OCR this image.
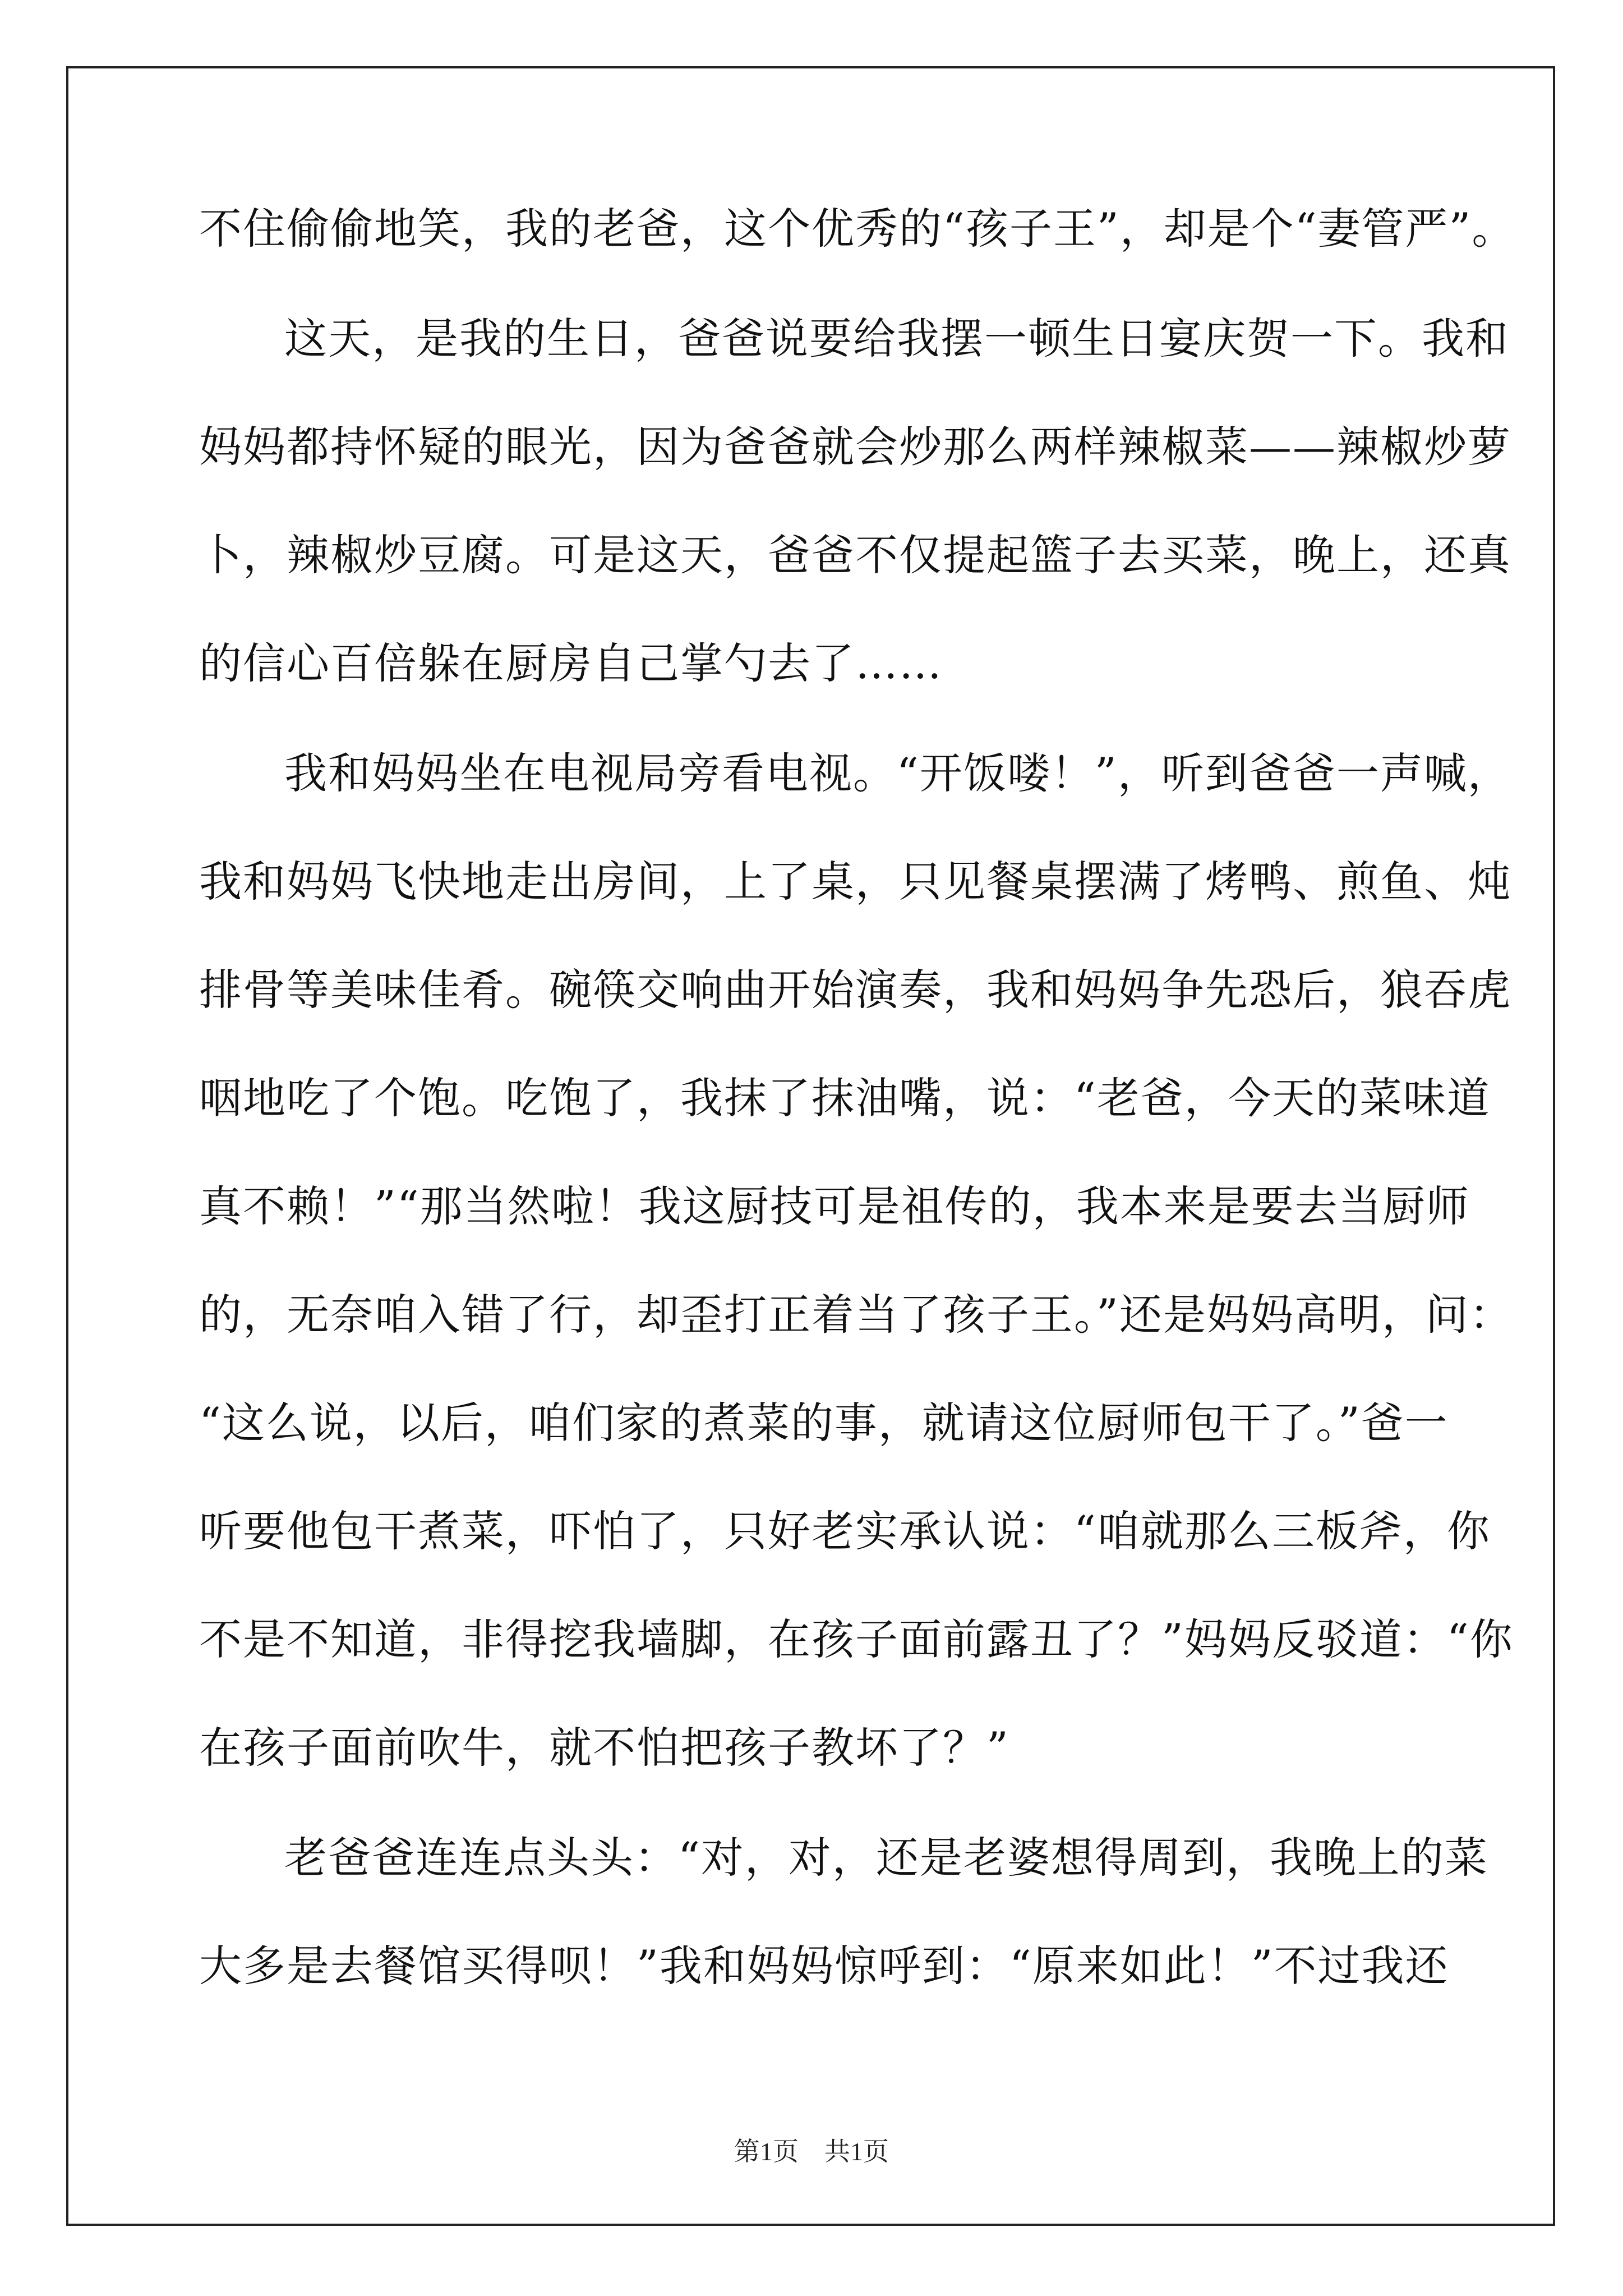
不住偷偷地笑，我的老爸，这个优秀的“孩子王”，却是个“妻管严”。

这天，是我的生日，爸爸说要给我摆一顿生日宴庆贺一下。我和

妈妈都持怀疑的眼光，因为爸爸就会炒那么两样辣椒菜——辣椒炒萝

卜，辣椒炒豆腐。可是这天，爸爸不仅提起篮子去买菜，晚上，还真

的信心百倍躲在厨房自己掌勺去了……

我和妈妈坐在电视局旁看电视。“开饭喽！”，听到爸爸一声喊，

我和妈妈飞快地走出房间，上了桌，只见餐桌摆满了烤鸭、煎鱼、炖

排骨等美味佳肴。碗筷交响曲开始演奏，我和妈妈争先恐后，狼吞虎

咽地吃了个饱。吃饱了，我抹了抹油嘴，说：“老爸，今天的菜味道

真不赖！”“那当然啦！我这厨技可是祖传的，我本来是要去当厨师

的，无奈咱入错了行，却歪打正着当了孩子王。”还是妈妈高明，问：

“这么说，以后，咱们家的煮菜的事，就请这位厨师包干了。”爸一

听要他包干煮菜，吓怕了，只好老实承认说：“咱就那么三板斧，你

不是不知道，非得挖我墙脚，在孩子面前露丑了？”妈妈反驳道：“你

在孩子面前吹牛，就不怕把孩子教坏了？”

老爸爸连连点头头：“对，对，还是老婆想得周到，我晚上的菜

大多是去餐馆买得呗！”我和妈妈惊呼到：“原来如此！”不过我还

第1页　共1页
